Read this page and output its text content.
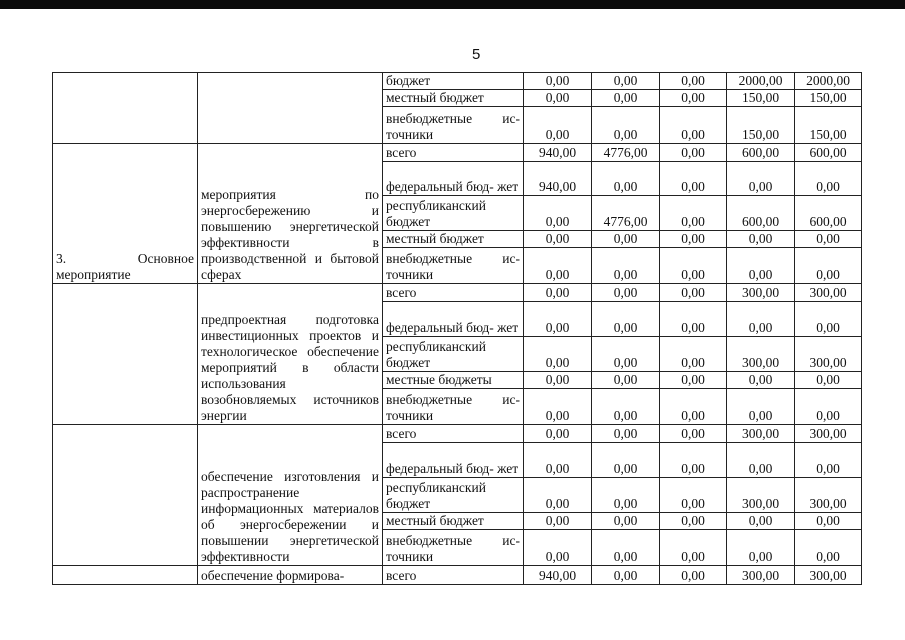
5
		бюджет	0,00	0,00	0,00	2000,00	2000,00
		местный бюджет	0,00	0,00	0,00	150,00	150,00
		внебюджетные ис- точники	0,00	0,00	0,00	150,00	150,00
3. Основное мероприятие	мероприятия по энергосбережению и повышению энергетической эффективности в производственной и бытовой сферах	всего	940,00	4776,00	0,00	600,00	600,00
		федеральный бюд- жет	940,00	0,00	0,00	0,00	0,00
		республиканский бюджет	0,00	4776,00	0,00	600,00	600,00
		местный бюджет	0,00	0,00	0,00	0,00	0,00
		внебюджетные ис- точники	0,00	0,00	0,00	0,00	0,00
	предпроектная подготовка инвестиционных проектов и технологическое обеспечение мероприятий в области использования возобновляемых источников энергии	всего	0,00	0,00	0,00	300,00	300,00
		федеральный бюд- жет	0,00	0,00	0,00	0,00	0,00
		республиканский бюджет	0,00	0,00	0,00	300,00	300,00
		местные бюджеты	0,00	0,00	0,00	0,00	0,00
		внебюджетные ис- точники	0,00	0,00	0,00	0,00	0,00
	обеспечение изготовления и распространение информационных материалов об энергосбережении и повышении энергетической эффективности	всего	0,00	0,00	0,00	300,00	300,00
		федеральный бюд- жет	0,00	0,00	0,00	0,00	0,00
		республиканский бюджет	0,00	0,00	0,00	300,00	300,00
		местный бюджет	0,00	0,00	0,00	0,00	0,00
		внебюджетные ис- точники	0,00	0,00	0,00	0,00	0,00
	обеспечение формирова-	всего	940,00	0,00	0,00	300,00	300,00
